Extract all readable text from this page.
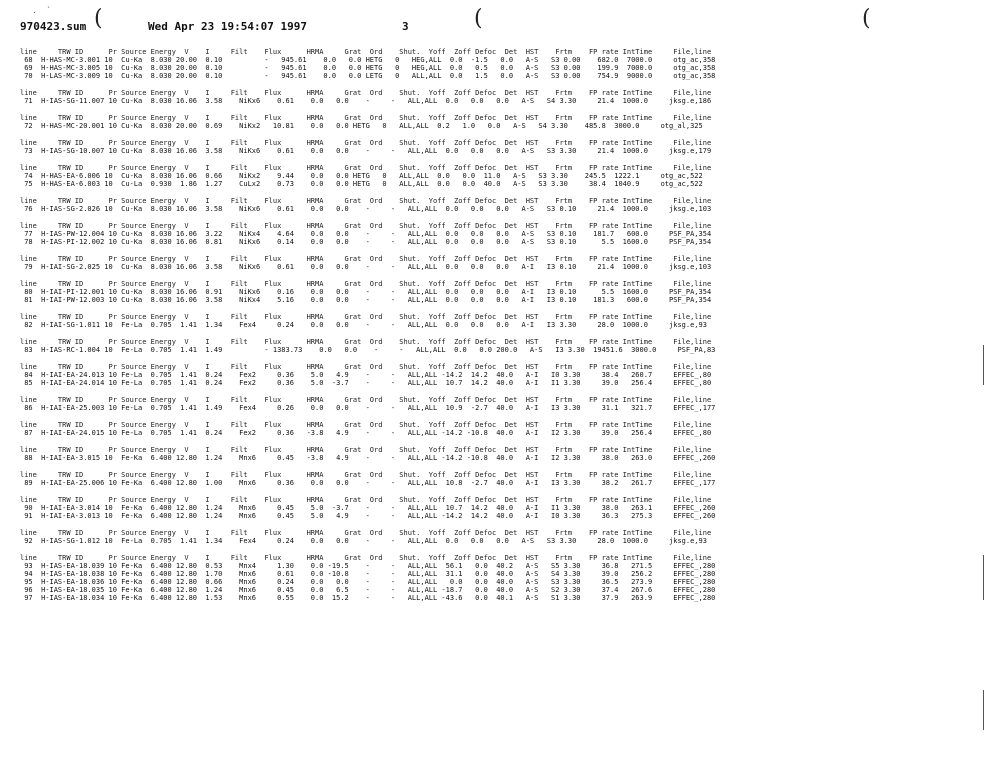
.  `
970423.sum	Wed Apr 23 19:54:07 1997	3
(	(	(
line     TRW ID      Pr Source Energy  V    I     Filt    Flux      HRMA     Grat  Ord    Shut.  Yoff  Zoff Defoc  Det  HST    Frtm    FP rate IntTime     File,line
68  H-HAS-MC-3.001 10  Cu-Ka  8.030 20.00  0.10          -   945.61    0.0   0.0 HETG   0   HEG,ALL  0.0  -1.5   0.0   A-S   S3 0.00    682.0  7000.0     otg_ac,358
69  H-HAS-MC-3.005 10  Cu-Ka  8.030 20.00  0.10          -   945.61    0.0   0.0 HETG   0   HEG,ALL  0.0   0.5   0.0   A-S   S3 0.00    199.9  7000.0     otg_ac,358
70  H-LAS-MC-3.009 10  Cu-Ka  8.030 20.00  0.10          -   945.61    0.0   0.0 LETG   0   ALL,ALL  0.0   1.5   0.0   A-S   S3 0.00    754.9  9000.0     otg_ac,358
line     TRW ID      Pr Source Energy  V    I     Filt    Flux      HRMA     Grat  Ord    Shut.  Yoff  Zoff Defoc  Det  HST    Frtm    FP rate IntTime     File,line
71  H-IAS-SG-11.007 10 Cu-Ka  8.030 16.06  3.58    NiKx6    0.61    0.0   0.0    -     -   ALL,ALL  0.0   0.0   0.0   A-S   S4 3.30     21.4  1000.0     jksg.e,186
line     TRW ID      Pr Source Energy  V    I     Filt    Flux      HRMA     Grat  Ord    Shut.  Yoff  Zoff Defoc  Det  HST    Frtm    FP rate IntTime     File,line
72  H-HAS-MC-20.001 10 Cu-Ka  8.030 20.00  0.69    NiKx2   10.81    0.0   0.0 HETG   0   ALL,ALL  0.2   1.0   0.0   A-S   S4 3.30    485.8  3000.0     otg_al,325
line     TRW ID      Pr Source Energy  V    I     Filt    Flux      HRMA     Grat  Ord    Shut.  Yoff  Zoff Defoc  Det  HST    Frtm    FP rate IntTime     File,line
73  H-IAS-SG-10.007 10 Cu-Ka  8.030 16.06  3.58    NiKx6    0.61    0.0   0.0    -     -   ALL,ALL  0.0   0.0   0.0   A-S   S3 3.30     21.4  1000.0     jksg.e,179
line     TRW ID      Pr Source Energy  V    I     Filt    Flux      HRMA     Grat  Ord    Shut.  Yoff  Zoff Defoc  Det  HST    Frtm    FP rate IntTime     File,line
74  H-HAS-EA-6.006 10  Cu-Ka  8.030 16.06  0.66    NiKx2    9.44    0.0   0.0 HETG   0   ALL,ALL  0.0   0.0  11.0   A-S   S3 3.30    245.5  1222.1     otg_ac,522
75  H-HAS-EA-6.003 10  Cu-La  0.930  1.86  1.27    CuLx2    0.73    0.0   0.0 HETG   0   ALL,ALL  0.0   0.0  40.0   A-S   S3 3.30     38.4  1040.9     otg_ac,522
line     TRW ID      Pr Source Energy  V    I     Filt    Flux      HRMA     Grat  Ord    Shut.  Yoff  Zoff Defoc  Det  HST    Frtm    FP rate IntTime     File,line
76  H-IAS-SG-2.026 10  Cu-Ka  8.030 16.06  3.58    NiKx6    0.61    0.0   0.0    -     -   ALL,ALL  0.0   0.0   0.0   A-S   S3 0.10     21.4  1000.0     jksg.e,103
line     TRW ID      Pr Source Energy  V    I     Filt    Flux      HRMA     Grat  Ord    Shut.  Yoff  Zoff Defoc  Det  HST    Frtm    FP rate IntTime     File,line
77  H-IAS-PW-12.004 10 Cu-Ka  8.030 16.06  3.22    NiKx4    4.64    0.0   0.0    -     -   ALL,ALL  0.0   0.0   0.0   A-S   S3 0.10    181.7   600.0     PSF_PA,354
78  H-IAS-PI-12.002 10 Cu-Ka  8.030 16.06  0.81    NiKx6    0.14    0.0   0.0    -     -   ALL,ALL  0.0   0.0   0.0   A-S   S3 0.10      5.5  1600.0     PSF_PA,354
line     TRW ID      Pr Source Energy  V    I     Filt    Flux      HRMA     Grat  Ord    Shut.  Yoff  Zoff Defoc  Det  HST    Frtm    FP rate IntTime     File,line
79  H-IAI-SG-2.025 10  Cu-Ka  8.030 16.06  3.58    NiKx6    0.61    0.0   0.0    -     -   ALL,ALL  0.0   0.0   0.0   A-I   I3 0.10     21.4  1000.0     jksg.e,103
line     TRW ID      Pr Source Energy  V    I     Filt    Flux      HRMA     Grat  Ord    Shut.  Yoff  Zoff Defoc  Det  HST    Frtm    FP rate IntTime     File,line
80  H-IAI-PI-12.001 10 Cu-Ka  8.030 16.06  0.91    NiKx6    0.16    0.0   0.0    -     -   ALL,ALL  0.0   0.0   0.0   A-I   I3 0.10      5.5  1600.0     PSF_PA,354
81  H-IAI-PW-12.003 10 Cu-Ka  8.030 16.06  3.58    NiKx4    5.16    0.0   0.0    -     -   ALL,ALL  0.0   0.0   0.0   A-I   I3 0.10    181.3   600.0     PSF_PA,354
line     TRW ID      Pr Source Energy  V    I     Filt    Flux      HRMA     Grat  Ord    Shut.  Yoff  Zoff Defoc  Det  HST    Frtm    FP rate IntTime     File,line
82  H-IAI-SG-1.011 10  Fe-La  0.705  1.41  1.34    Fex4     0.24    0.0   0.0    -     -   ALL,ALL  0.0   0.0   0.0   A-I   I3 3.30     28.0  1000.0     jksg.e,93
line     TRW ID      Pr Source Energy  V    I     Filt    Flux      HRMA     Grat  Ord    Shut.  Yoff  Zoff Defoc  Det  HST    Frtm    FP rate IntTime     File,line
83  H-IAS-RC-1.004 10  Fe-La  0.705  1.41  1.49          - 1383.73    0.0   0.0    -     -   ALL,ALL  0.0   0.0 200.0   A-S   I3 3.30  19451.6  3000.0     PSF_PA,83
line     TRW ID      Pr Source Energy  V    I     Filt    Flux      HRMA     Grat  Ord    Shut.  Yoff  Zoff Defoc  Det  HST    Frtm    FP rate IntTime     File,line
84  H-IAI-EA-24.013 10 Fe-La  0.705  1.41  0.24    Fex2     0.36    5.0   4.9    -     -   ALL,ALL -14.2  14.2  40.0   A-I   I0 3.30     38.4   260.7     EFFEC_,80
85  H-IAI-EA-24.014 10 Fe-La  0.705  1.41  0.24    Fex2     0.36    5.0  -3.7    -     -   ALL,ALL  10.7  14.2  40.0   A-I   I1 3.30     39.0   256.4     EFFEC_,80
line     TRW ID      Pr Source Energy  V    I     Filt    Flux      HRMA     Grat  Ord    Shut.  Yoff  Zoff Defoc  Det  HST    Frtm    FP rate IntTime     File,line
86  H-IAI-EA-25.003 10 Fe-La  0.705  1.41  1.49    Fex4     0.26    0.0   0.0    -     -   ALL,ALL  10.9  -2.7  40.0   A-I   I3 3.30     31.1   321.7     EFFEC_,177
line     TRW ID      Pr Source Energy  V    I     Filt    Flux      HRMA     Grat  Ord    Shut.  Yoff  Zoff Defoc  Det  HST    Frtm    FP rate IntTime     File,line
87  H-IAI-EA-24.015 10 Fe-La  0.705  1.41  0.24    Fex2     0.36   -3.8   4.9    -     -   ALL,ALL -14.2 -10.8  40.0   A-I   I2 3.30     39.0   256.4     EFFEC_,80
line     TRW ID      Pr Source Energy  V    I     Filt    Flux      HRMA     Grat  Ord    Shut.  Yoff  Zoff Defoc  Det  HST    Frtm    FP rate IntTime     File,line
88  H-IAI-EA-3.015 10  Fe-Ka  6.400 12.80  1.24    Mnx6     0.45   -3.8   4.9    -     -   ALL,ALL -14.2 -10.8  40.0   A-I   I2 3.30     38.0   263.0     EFFEC_,260
line     TRW ID      Pr Source Energy  V    I     Filt    Flux      HRMA     Grat  Ord    Shut.  Yoff  Zoff Defoc  Det  HST    Frtm    FP rate IntTime     File,line
89  H-IAI-EA-25.006 10 Fe-Ka  6.400 12.80  1.00    Mnx6     0.36    0.0   0.0    -     -   ALL,ALL  10.8  -2.7  40.0   A-I   I3 3.30     38.2   261.7     EFFEC_,177
line     TRW ID      Pr Source Energy  V    I     Filt    Flux      HRMA     Grat  Ord    Shut.  Yoff  Zoff Defoc  Det  HST    Frtm    FP rate IntTime     File,line
90  H-IAI-EA-3.014 10  Fe-Ka  6.400 12.80  1.24    Mnx6     0.45    5.0  -3.7    -     -   ALL,ALL  10.7  14.2  40.0   A-I   I1 3.30     38.0   263.1     EFFEC_,260
91  H-IAI-EA-3.013 10  Fe-Ka  6.400 12.80  1.24    Mnx6     0.45    5.0   4.9    -     -   ALL,ALL -14.2  14.2  40.0   A-I   I0 3.30     36.3   275.3     EFFEC_,260
line     TRW ID      Pr Source Energy  V    I     Filt    Flux      HRMA     Grat  Ord    Shut.  Yoff  Zoff Defoc  Det  HST    Frtm    FP rate IntTime     File,line
92  H-IAS-SG-1.012 10  Fe-La  0.705  1.41  1.34    Fex4     0.24    0.0   0.0    -     -   ALL,ALL  0.0   0.0   0.0   A-S   S3 3.30     28.0  1000.0     jksg.e,93
line     TRW ID      Pr Source Energy  V    I     Filt    Flux      HRMA     Grat  Ord    Shut.  Yoff  Zoff Defoc  Det  HST    Frtm    FP rate IntTime     File,line
93  H-IAS-EA-18.039 10 Fe-Ka  6.400 12.80  0.53    Mnx4     1.30    0.0 -19.5    -     -   ALL,ALL  56.1   0.0  40.2   A-S   S5 3.30     36.8   271.5     EFFEC_,280
94  H-IAS-EA-18.038 10 Fe-Ka  6.400 12.80  1.70    Mnx6     0.61    0.0 -10.8    -     -   ALL,ALL  31.1   0.0  40.0   A-S   S4 3.30     39.0   256.2     EFFEC_,280
95  H-IAS-EA-18.036 10 Fe-Ka  6.400 12.80  0.66    Mnx6     0.24    0.0   0.0    -     -   ALL,ALL   0.0   0.0  40.0   A-S   S3 3.30     36.5   273.9     EFFEC_,280
96  H-IAS-EA-18.035 10 Fe-Ka  6.400 12.80  1.24    Mnx6     0.45    0.0   6.5    -     -   ALL,ALL -18.7   0.0  40.0   A-S   S2 3.30     37.4   267.6     EFFEC_,280
97  H-IAS-EA-18.034 10 Fe-Ka  6.400 12.80  1.53    Mnx6     0.55    0.0  15.2    -     -   ALL,ALL -43.6   0.0  40.1   A-S   S1 3.30     37.9   263.9     EFFEC_,280
